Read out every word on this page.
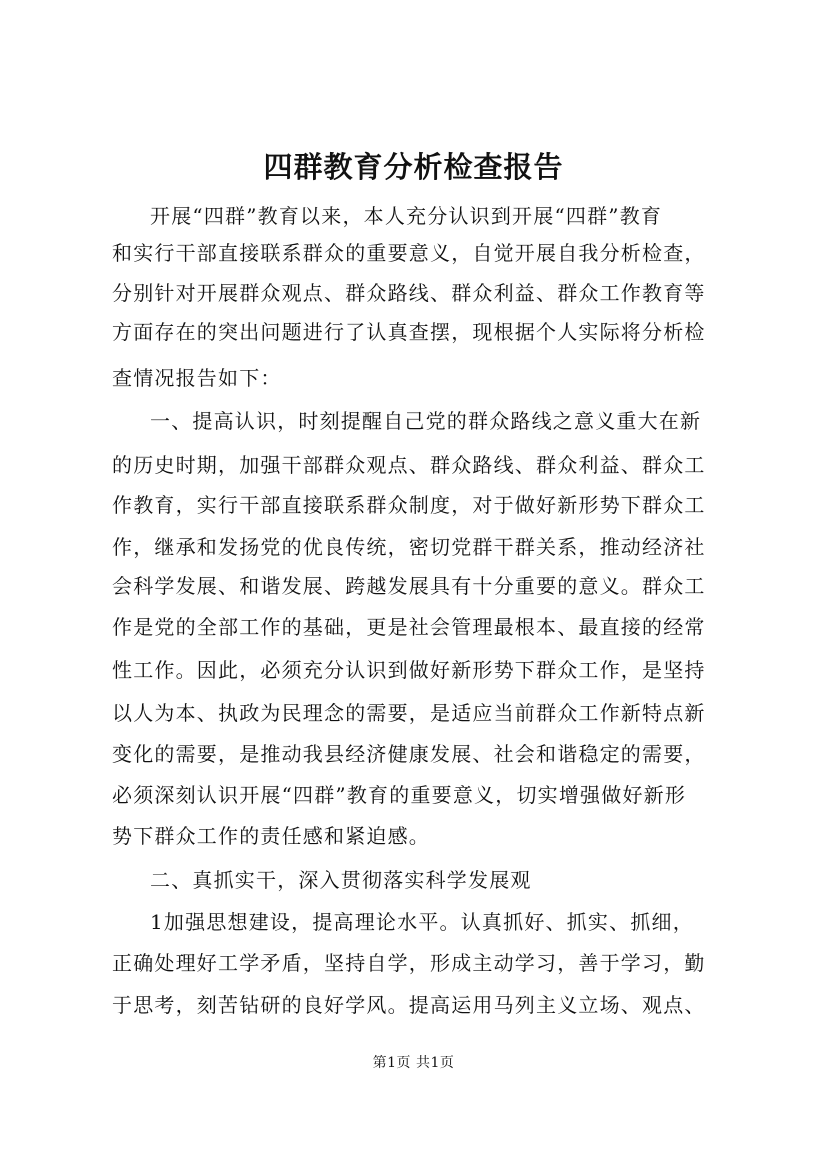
四群教育分析检查报告

开展“四群”教育以来，本人充分认识到开展“四群”教育

和实行干部直接联系群众的重要意义，自觉开展自我分析检查，

分别针对开展群众观点、群众路线、群众利益、群众工作教育等

方面存在的突出问题进行了认真查摆，现根据个人实际将分析检

查情况报告如下：

一、提高认识，时刻提醒自己党的群众路线之意义重大在新

的历史时期，加强干部群众观点、群众路线、群众利益、群众工

作教育，实行干部直接联系群众制度，对于做好新形势下群众工

作，继承和发扬党的优良传统，密切党群干群关系，推动经济社

会科学发展、和谐发展、跨越发展具有十分重要的意义。群众工

作是党的全部工作的基础，更是社会管理最根本、最直接的经常

性工作。因此，必须充分认识到做好新形势下群众工作，是坚持

以人为本、执政为民理念的需要，是适应当前群众工作新特点新

变化的需要，是推动我县经济健康发展、社会和谐稳定的需要，

必须深刻认识开展“四群”教育的重要意义，切实增强做好新形

势下群众工作的责任感和紧迫感。

二、真抓实干，深入贯彻落实科学发展观

1加强思想建设，提高理论水平。认真抓好、抓实、抓细，

正确处理好工学矛盾，坚持自学，形成主动学习，善于学习，勤

于思考，刻苦钻研的良好学风。提高运用马列主义立场、观点、

第1页 共1页
